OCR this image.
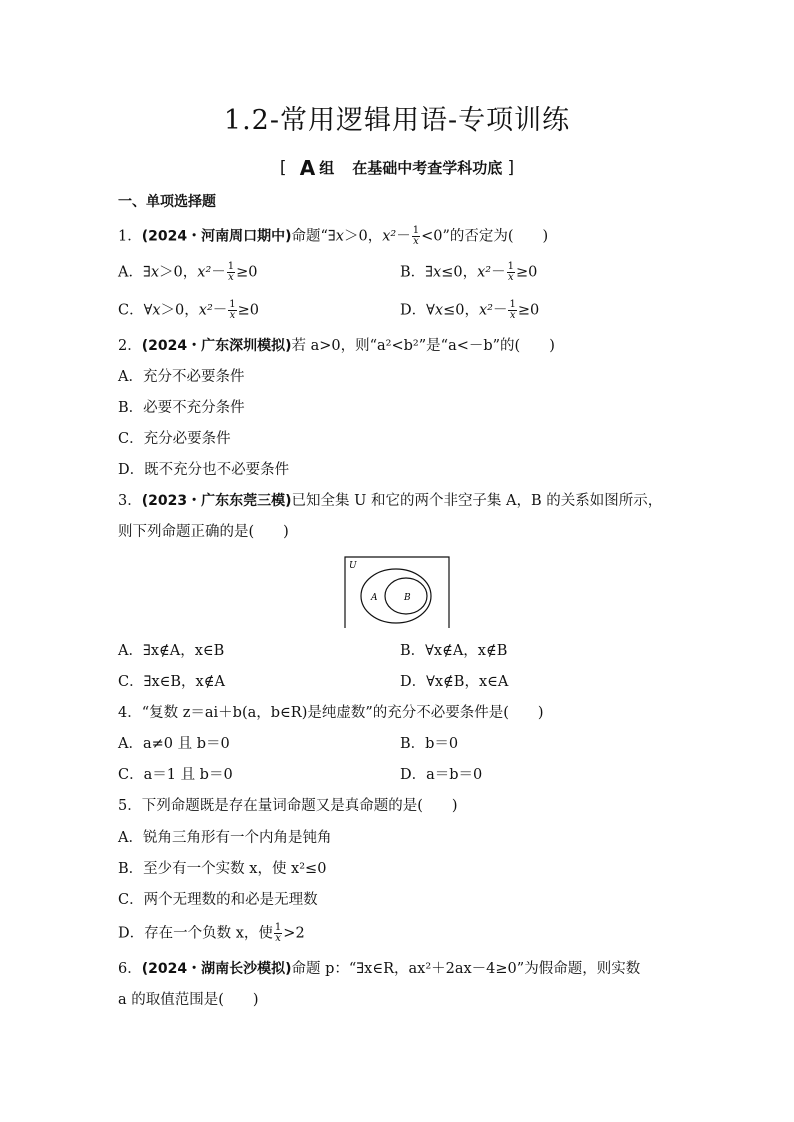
1.2-常用逻辑用语-专项训练
[ A 组 在基础中考查学科功底 ]
一、单项选择题
1．(2024・河南周口期中)命题“∃x＞0，$x^2- \frac{1}{x} <0$”的否定为(　　)
A．∃x＞0，$x^2- \frac{1}{x} \ge 0$	B．∃x≤0，$x^2- \frac{1}{x} \ge 0$
C．∀x＞0，$x^2- \frac{1}{x} \ge 0$	D．∀x≤0，$x^2- \frac{1}{x} \ge 0$
2．(2024・广东深圳模拟)若 a>0，则“a²<b²”是“a<－b”的(　　)
A．充分不必要条件
B．必要不充分条件
C．充分必要条件
D．既不充分也不必要条件
3．(2023・广东东莞三模)已知全集 U 和它的两个非空子集 A，B 的关系如图所示，
则下列命题正确的是(　　)
U
A	B
A．∃x∉A，x∈B	B．∀x∉A，x∉B
C．∃x∈B，x∉A	D．∀x∉B，x∈A
4．“复数 z＝ai＋b(a，b∈R)是纯虚数”的充分不必要条件是(　　)
A．a≠0 且 b＝0	B．b＝0
C．a＝1 且 b＝0	D．a＝b＝0
5．下列命题既是存在量词命题又是真命题的是(　　)
A．锐角三角形有一个内角是钝角
B．至少有一个实数 x，使 x²≤0
C．两个无理数的和必是无理数
D．存在一个负数 x，使 $\frac{1}{x} >2$
6．(2024・湖南长沙模拟)命题 p：“∃x∈R，ax²＋2ax－4≥0”为假命题，则实数
a 的取值范围是(　　)
